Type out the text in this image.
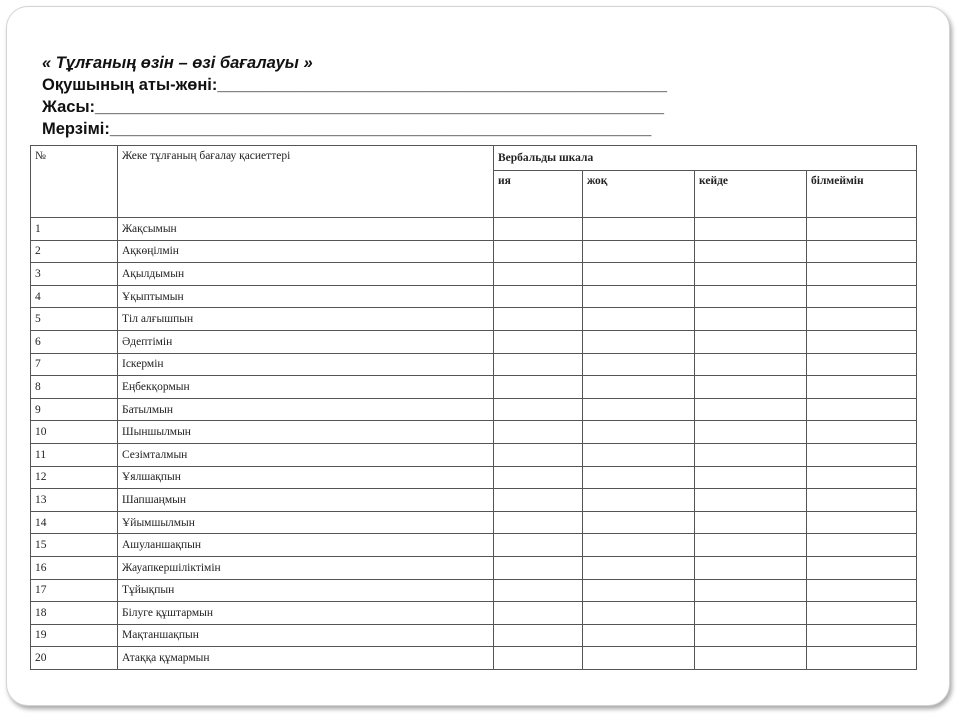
« Тұлғаның өзін – өзі бағалауы »
Оқушының аты-жөні:_________________________________________________
Жасы:______________________________________________________________
Мерзімі:___________________________________________________________
№	Жеке тұлғаның бағалау қасиеттері	Вербальды шкала			
		ия	жоқ	кейде	білмеймін
1	Жақсымын				
2	Ақкөңілмін				
3	Ақылдымын				
4	Ұқыптымын				
5	Тіл алғышпын				
6	Әдептімін				
7	Іскермін				
8	Еңбекқормын				
9	Батылмын				
10	Шыншылмын				
11	Сезімталмын				
12	Ұялшақпын				
13	Шапшаңмын				
14	Ұйымшылмын				
15	Ашуланшақпын				
16	Жауапкершіліктімін				
17	Тұйықпын				
18	Білуге құштармын				
19	Мақтаншақпын				
20	Атаққа құмармын				
